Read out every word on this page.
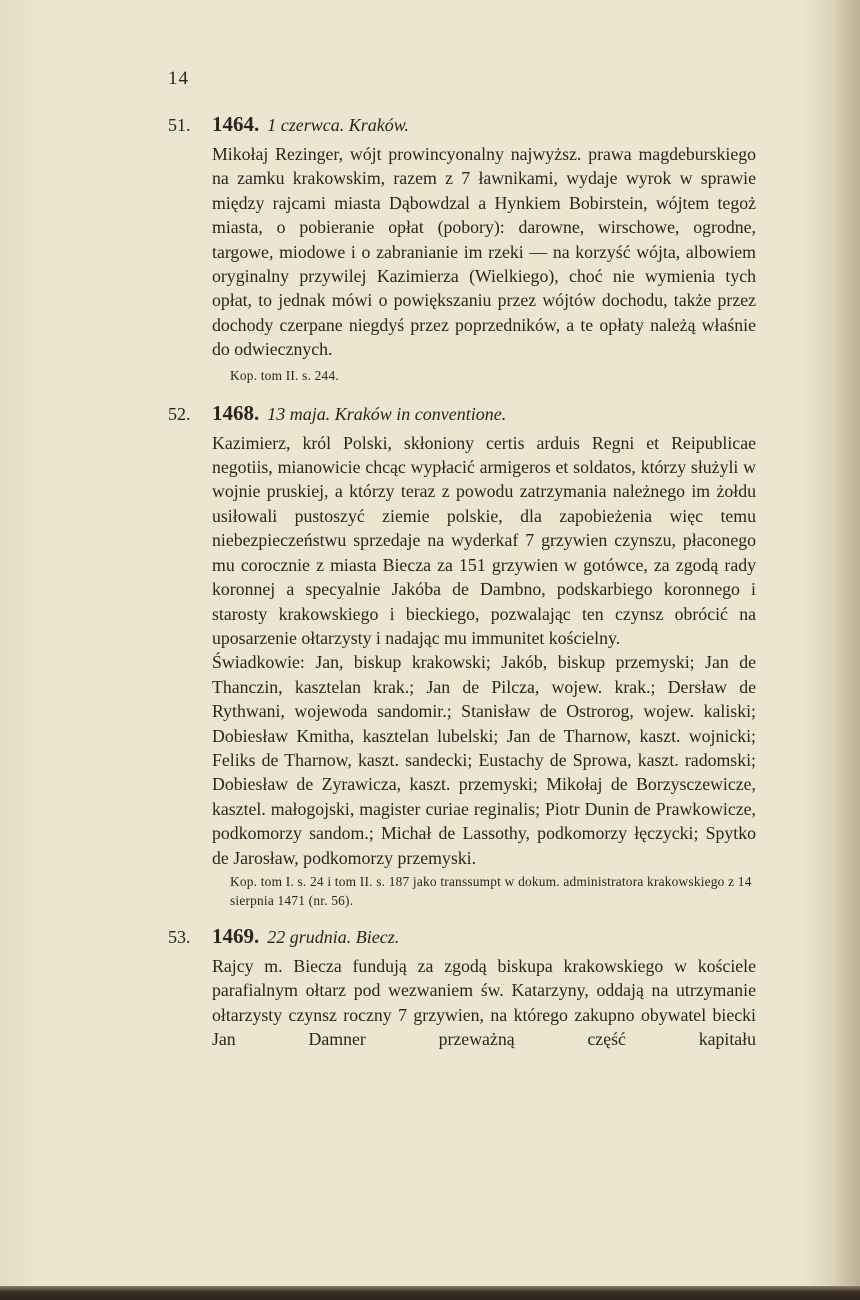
14
51.	1464. 1 czerwca. Kraków.

Mikołaj Rezinger, wójt prowincyonalny najwyższ. prawa magdeburskiego na zamku krakowskim, razem z 7 ławnikami, wydaje wyrok w sprawie między rajcami miasta Dąbowdzal a Hynkiem Bobirstein, wójtem tegoż miasta, o pobieranie opłat (pobory): darowne, wirschowe, ogrodne, targowe, miodowe i o zabranianie im rzeki — na korzyść wójta, albowiem oryginalny przywilej Kazimierza (Wielkiego), choć nie wymienia tych opłat, to jednak mówi o powiększaniu przez wójtów dochodu, także przez dochody czerpane niegdyś przez poprzedników, a te opłaty należą właśnie do odwiecznych.

Kop. tom II. s. 244.
52.	1468. 13 maja. Kraków in conventione.

Kazimierz, król Polski, skłoniony certis arduis Regni et Reipublicae negotiis, mianowicie chcąc wypłacić armigeros et soldatos, którzy służyli w wojnie pruskiej, a którzy teraz z powodu zatrzymania należnego im żołdu usiłowali pustoszyć ziemie polskie, dla zapobieżenia więc temu niebezpieczeństwu sprzedaje na wyderkaf 7 grzywien czynszu, płaconego mu corocznie z miasta Biecza za 151 grzywien w gotówce, za zgodą rady koronnej a specyalnie Jakóba de Dambno, podskarbiego koronnego i starosty krakowskiego i bieckiego, pozwalając ten czynsz obrócić na uposarzenie ołtarzysty i nadając mu immunitet kościelny.

Świadkowie: Jan, biskup krakowski; Jakób, biskup przemyski; Jan de Thanczin, kasztelan krak.; Jan de Pilcza, wojew. krak.; Dersław de Rythwani, wojewoda sandomir.; Stanisław de Ostrorog, wojew. kaliski; Dobiesław Kmitha, kasztelan lubelski; Jan de Tharnow, kaszt. wojnicki; Feliks de Tharnow, kaszt. sandecki; Eustachy de Sprowa, kaszt. radomski; Dobiesław de Zyrawicza, kaszt. przemyski; Mikołaj de Borzysczewicze, kasztel. małogojski, magister curiae reginalis; Piotr Dunin de Prawkowicze, podkomorzy sandom.; Michał de Lassothy, podkomorzy łęczycki; Spytko de Jarosław, podkomorzy przemyski.

Kop. tom I. s. 24 i tom II. s. 187 jako transsumpt w dokum. administratora krakowskiego z 14 sierpnia 1471 (nr. 56).
53.	1469. 22 grudnia. Biecz.

Rajcy m. Biecza fundują za zgodą biskupa krakowskiego w kościele parafialnym ołtarz pod wezwaniem św. Katarzyny, oddają na utrzymanie ołtarzysty czynsz roczny 7 grzywien, na którego zakupno obywatel biecki Jan Damner przeważną część kapitału
